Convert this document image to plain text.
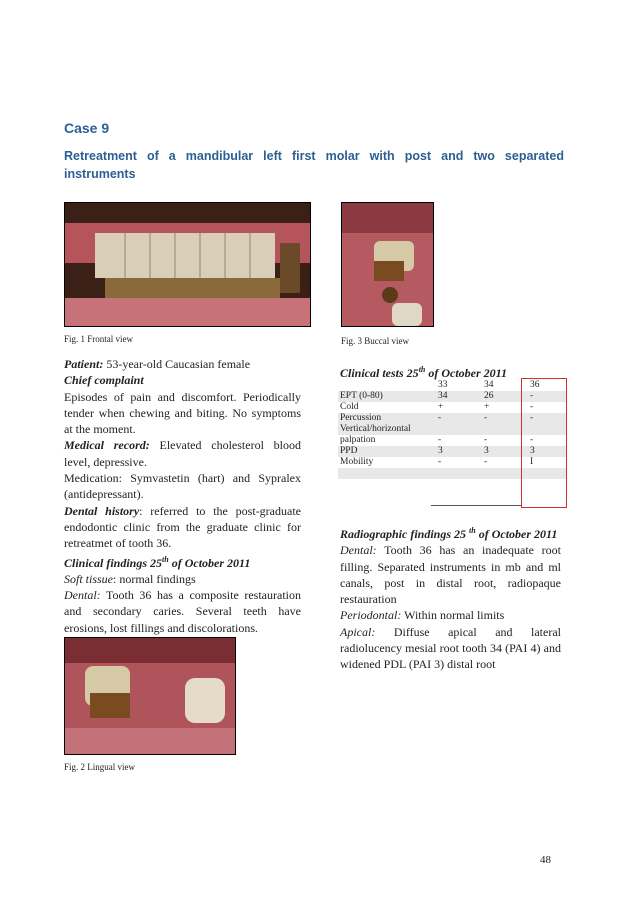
Case 9
Retreatment of a mandibular left first molar with post and two separated instruments
Fig. 1 Frontal view	Fig. 3 Buccal view

Patient: 53-year-old Caucasian female

Chief complaint

Episodes of pain and discomfort. Periodically tender when chewing and biting. No symptoms at the moment.

Medical record: Elevated cholesterol blood level, depressive.

Medication: Symvastetin (hart) and Sypralex (antidepressant).

Dental history: referred to the post-graduate endodontic clinic from the graduate clinic for retreatmet of tooth 36.

Clinical findings 25th of October 2011

Soft tissue: normal findings

Dental: Tooth 36 has a composite restauration and secondary caries. Several teeth have erosions, lost fillings and discolorations.

Fig. 2 Lingual view
Clinical tests 25th of October 2011
	33	34	36
EPT (0-80)	34	26	-
Cold	+	+	-
Percussion	-	-	-
Vertical/horizontal			
palpation	-	-	-
PPD	3	3	3
Mobility	-	-	I

Radiographic findings 25 $^{th}$ of October 2011

Dental: Tooth 36 has an inadequate root filling. Separated instruments in mb and ml canals, post in distal root, radiopaque restauration

Periodontal: Within normal limits

Apical: Diffuse apical and lateral radiolucency mesial root tooth 34 (PAI 4) and widened PDL (PAI 3) distal root

48
